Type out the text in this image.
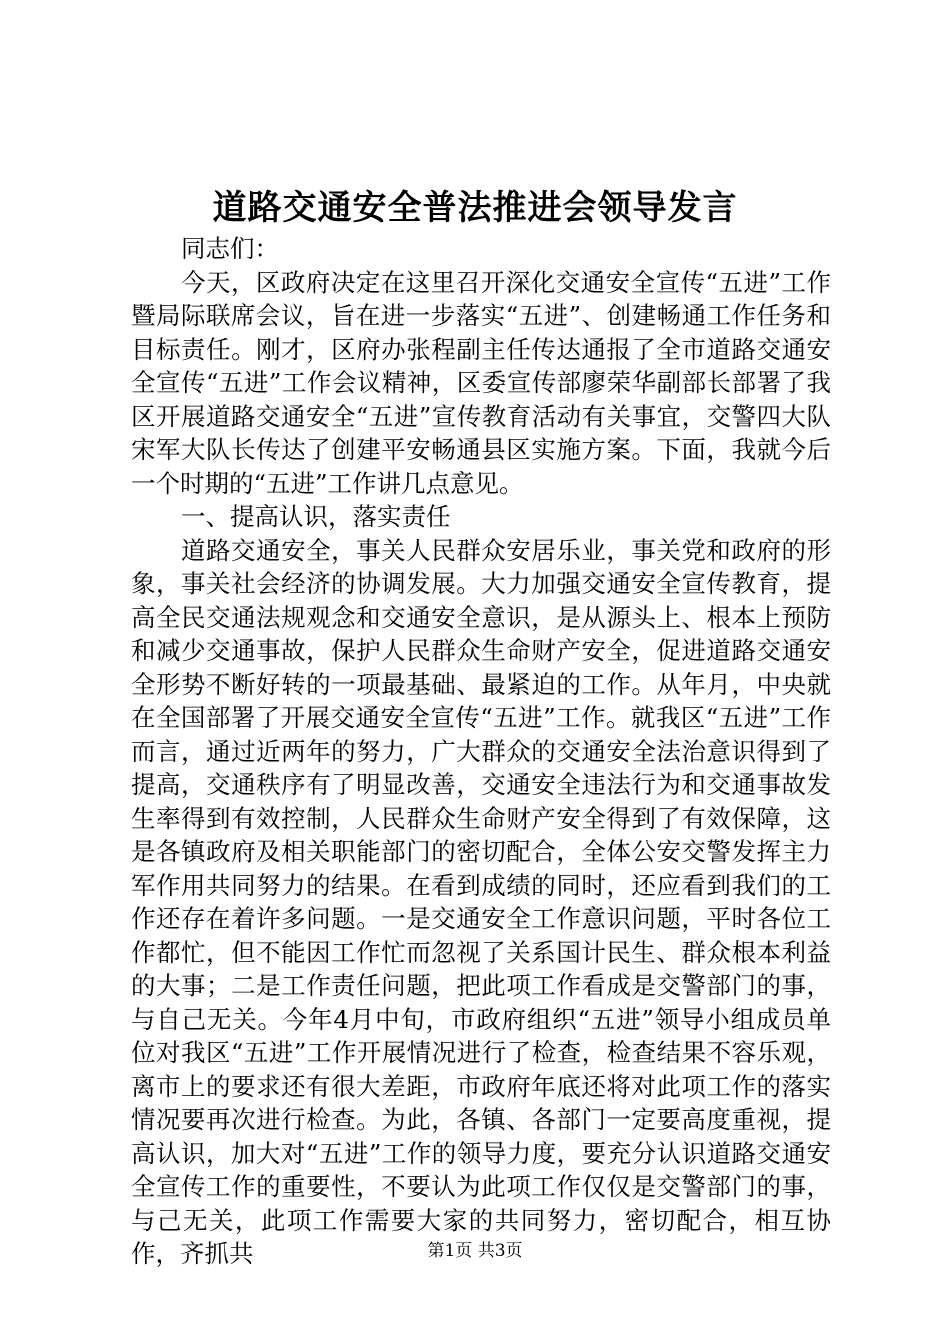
道路交通安全普法推进会领导发言

同志们：

今天，区政府决定在这里召开深化交通安全宣传“五进”工作暨局际联席会议，旨在进一步落实“五进”、创建畅通工作任务和目标责任。刚才，区府办张程副主任传达通报了全市道路交通安全宣传“五进”工作会议精神，区委宣传部廖荣华副部长部署了我区开展道路交通安全“五进”宣传教育活动有关事宜，交警四大队宋军大队长传达了创建平安畅通县区实施方案。下面，我就今后一个时期的“五进”工作讲几点意见。

一、提高认识，落实责任

道路交通安全，事关人民群众安居乐业，事关党和政府的形象，事关社会经济的协调发展。大力加强交通安全宣传教育，提高全民交通法规观念和交通安全意识，是从源头上、根本上预防和减少交通事故，保护人民群众生命财产安全，促进道路交通安全形势不断好转的一项最基础、最紧迫的工作。从年月，中央就在全国部署了开展交通安全宣传“五进”工作。就我区“五进”工作而言，通过近两年的努力，广大群众的交通安全法治意识得到了提高，交通秩序有了明显改善，交通安全违法行为和交通事故发生率得到有效控制，人民群众生命财产安全得到了有效保障，这是各镇政府及相关职能部门的密切配合，全体公安交警发挥主力军作用共同努力的结果。在看到成绩的同时，还应看到我们的工作还存在着许多问题。一是交通安全工作意识问题，平时各位工作都忙，但不能因工作忙而忽视了关系国计民生、群众根本利益的大事；二是工作责任问题，把此项工作看成是交警部门的事，与自己无关。今年4月中旬，市政府组织“五进”领导小组成员单位对我区“五进”工作开展情况进行了检查，检查结果不容乐观，离市上的要求还有很大差距，市政府年底还将对此项工作的落实情况要再次进行检查。为此，各镇、各部门一定要高度重视，提高认识，加大对“五进”工作的领导力度，要充分认识道路交通安全宣传工作的重要性，不要认为此项工作仅仅是交警部门的事，与己无关，此项工作需要大家的共同努力，密切配合，相互协作，齐抓共	第1页 共3页
